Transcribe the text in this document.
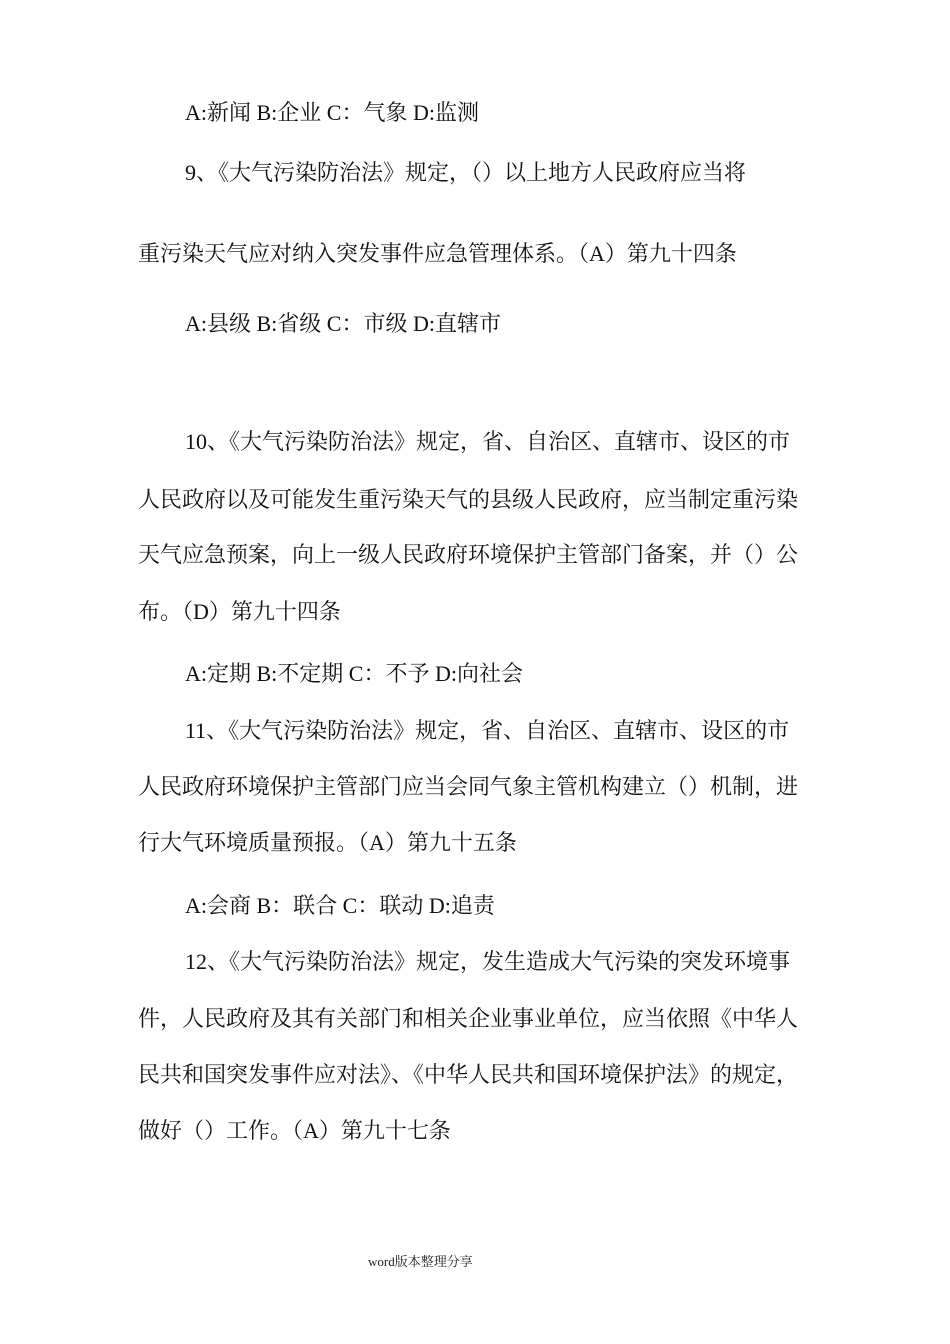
A:新闻 B:企业 C：气象 D:监测
9、《大气污染防治法》规定，（）以上地方人民政府应当将
重污染天气应对纳入突发事件应急管理体系。（A）第九十四条
A:县级 B:省级 C：市级 D:直辖市
10、《大气污染防治法》规定，省、自治区、直辖市、设区的市
人民政府以及可能发生重污染天气的县级人民政府，应当制定重污染
天气应急预案，向上一级人民政府环境保护主管部门备案，并（）公
布。（D）第九十四条
A:定期 B:不定期 C：不予 D:向社会
11、《大气污染防治法》规定，省、自治区、直辖市、设区的市
人民政府环境保护主管部门应当会同气象主管机构建立（）机制，进
行大气环境质量预报。（A）第九十五条
A:会商 B：联合 C：联动 D:追责
12、《大气污染防治法》规定，发生造成大气污染的突发环境事
件，人民政府及其有关部门和相关企业事业单位，应当依照《中华人
民共和国突发事件应对法》、《中华人民共和国环境保护法》的规定，
做好（）工作。（A）第九十七条
word版本整理分享
